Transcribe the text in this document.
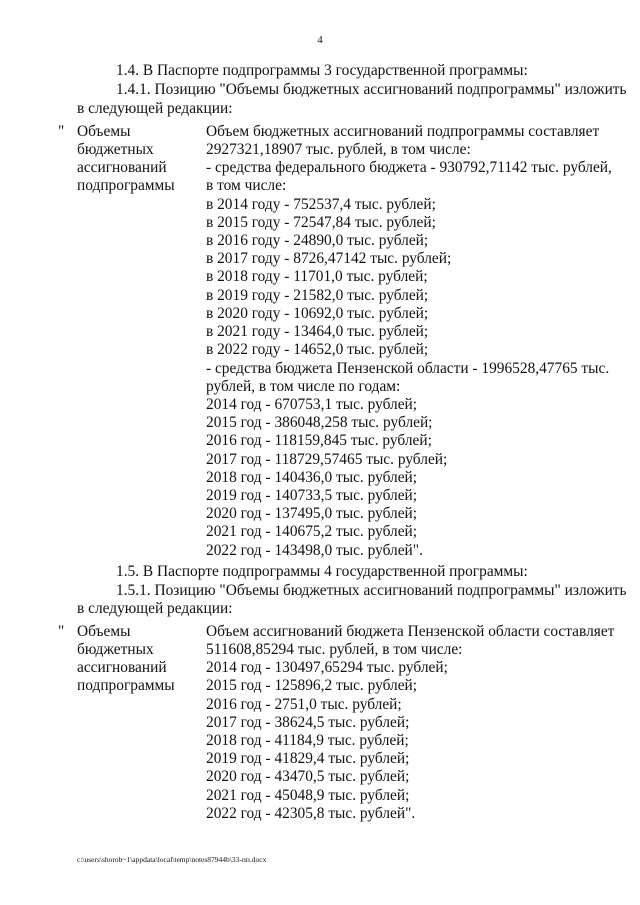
4
1.4. В Паспорте подпрограммы 3 государственной программы:
1.4.1. Позицию "Объемы бюджетных ассигнований подпрограммы" изложить
в следующей редакции:
" Объемы
бюджетных
ассигнований
подпрограммы
Объем бюджетных ассигнований подпрограммы составляет
2927321,18907 тыс. рублей, в том числе:
- средства федерального бюджета - 930792,71142 тыс. рублей,
в том числе:
в 2014 году - 752537,4 тыс. рублей;
в 2015 году - 72547,84 тыс. рублей;
в 2016 году - 24890,0 тыс. рублей;
в 2017 году - 8726,47142 тыс. рублей;
в 2018 году - 11701,0 тыс. рублей;
в 2019 году - 21582,0 тыс. рублей;
в 2020 году - 10692,0 тыс. рублей;
в 2021 году - 13464,0 тыс. рублей;
в 2022 году - 14652,0 тыс. рублей;
- средства бюджета Пензенской области - 1996528,47765 тыс.
рублей, в том числе по годам:
2014 год - 670753,1 тыс. рублей;
2015 год - 386048,258 тыс. рублей;
2016 год - 118159,845 тыс. рублей;
2017 год - 118729,57465 тыс. рублей;
2018 год - 140436,0 тыс. рублей;
2019 год - 140733,5 тыс. рублей;
2020 год - 137495,0 тыс. рублей;
2021 год - 140675,2 тыс. рублей;
2022 год - 143498,0 тыс. рублей".
1.5. В Паспорте подпрограммы 4 государственной программы:
1.5.1. Позицию "Объемы бюджетных ассигнований подпрограммы" изложить
в следующей редакции:
" Объемы
бюджетных
ассигнований
подпрограммы
Объем ассигнований бюджета Пензенской области составляет
511608,85294 тыс. рублей, в том числе:
2014 год - 130497,65294 тыс. рублей;
2015 год - 125896,2 тыс. рублей;
2016 год - 2751,0 тыс. рублей;
2017 год - 38624,5 тыс. рублей;
2018 год - 41184,9 тыс. рублей;
2019 год - 41829,4 тыс. рублей;
2020 год - 43470,5 тыс. рублей;
2021 год - 45048,9 тыс. рублей;
2022 год - 42305,8 тыс. рублей".
c:\users\shorob~1\appdata\local\temp\notes87944b\33-пп.docx
